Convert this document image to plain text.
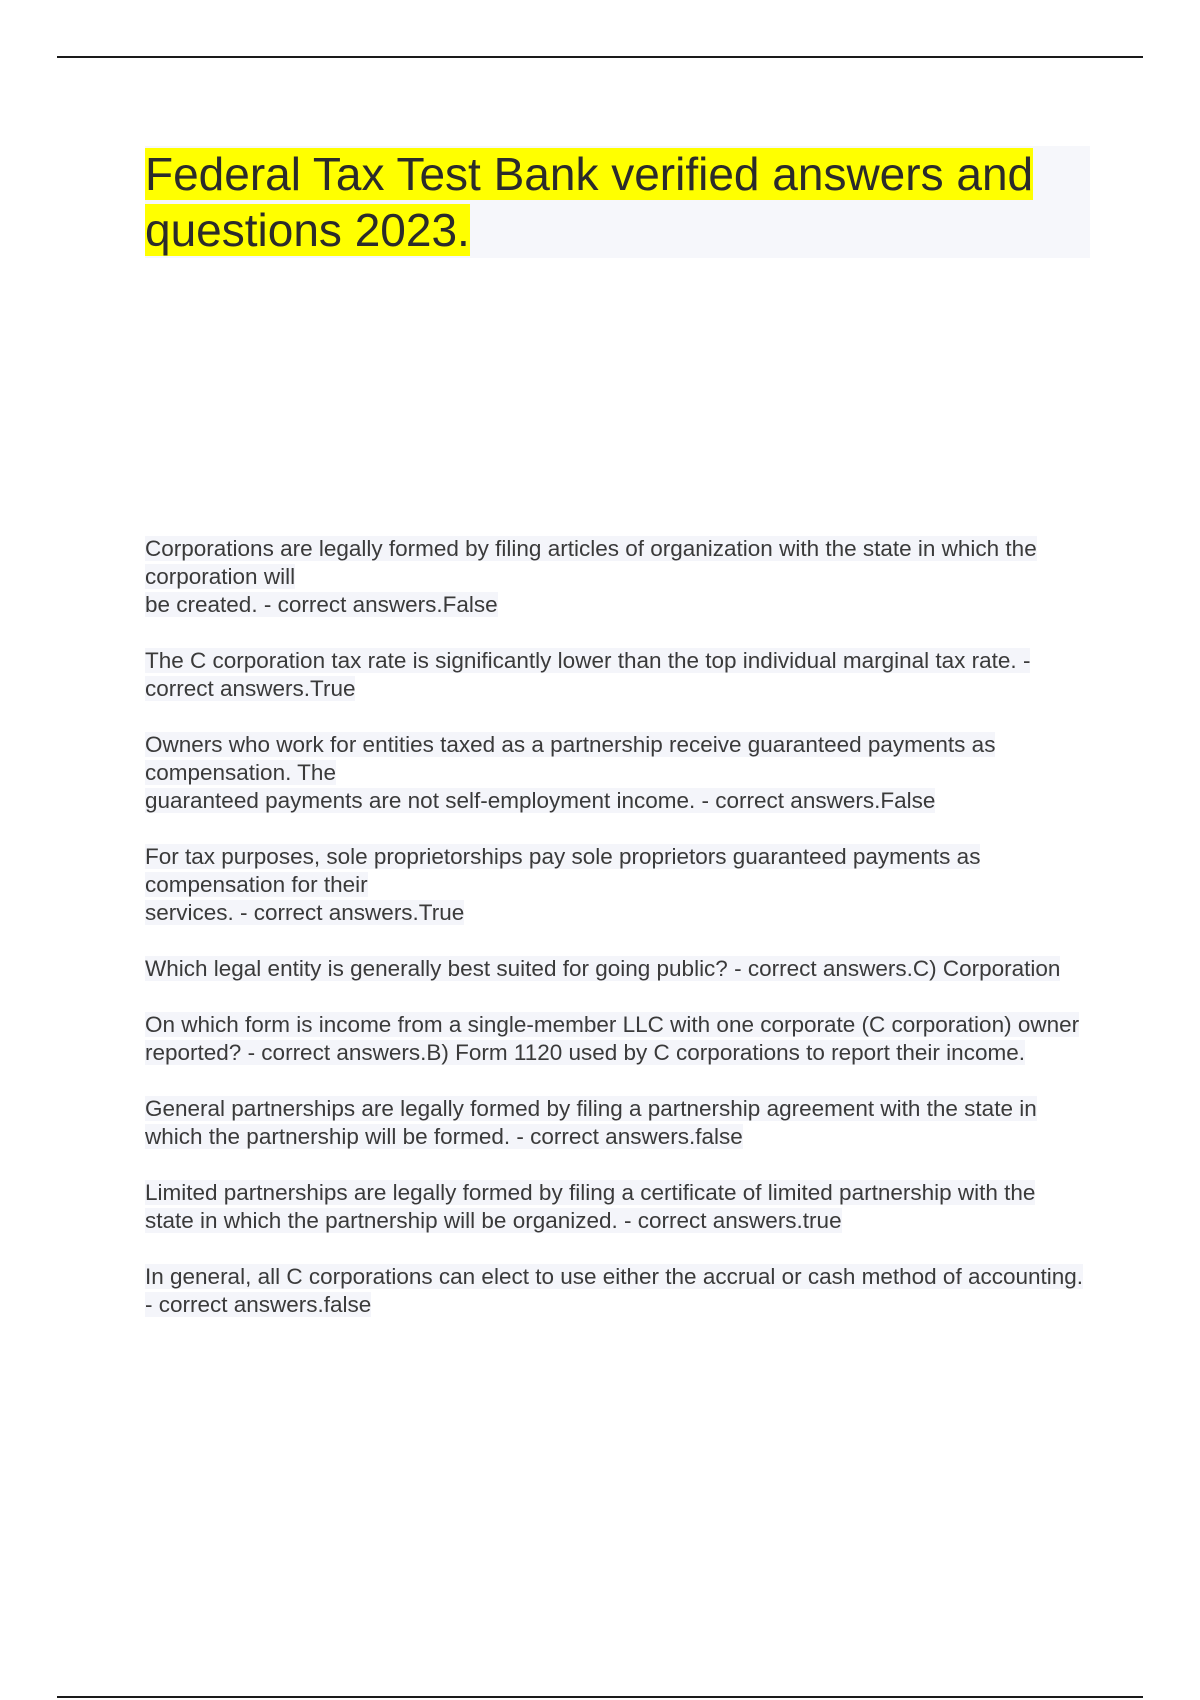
Federal Tax Test Bank verified answers and questions 2023.
Corporations are legally formed by filing articles of organization with the state in which the corporation will
be created. - correct answers.False
The C corporation tax rate is significantly lower than the top individual marginal tax rate. - correct answers.True
Owners who work for entities taxed as a partnership receive guaranteed payments as compensation. The
guaranteed payments are not self-employment income. - correct answers.False
For tax purposes, sole proprietorships pay sole proprietors guaranteed payments as compensation for their
services. - correct answers.True
Which legal entity is generally best suited for going public? - correct answers.C) Corporation
On which form is income from a single-member LLC with one corporate (C corporation) owner reported? - correct answers.B) Form 1120 used by C corporations to report their income.
General partnerships are legally formed by filing a partnership agreement with the state in which the partnership will be formed. - correct answers.false
Limited partnerships are legally formed by filing a certificate of limited partnership with the state in which the partnership will be organized. - correct answers.true
In general, all C corporations can elect to use either the accrual or cash method of accounting. - correct answers.false
